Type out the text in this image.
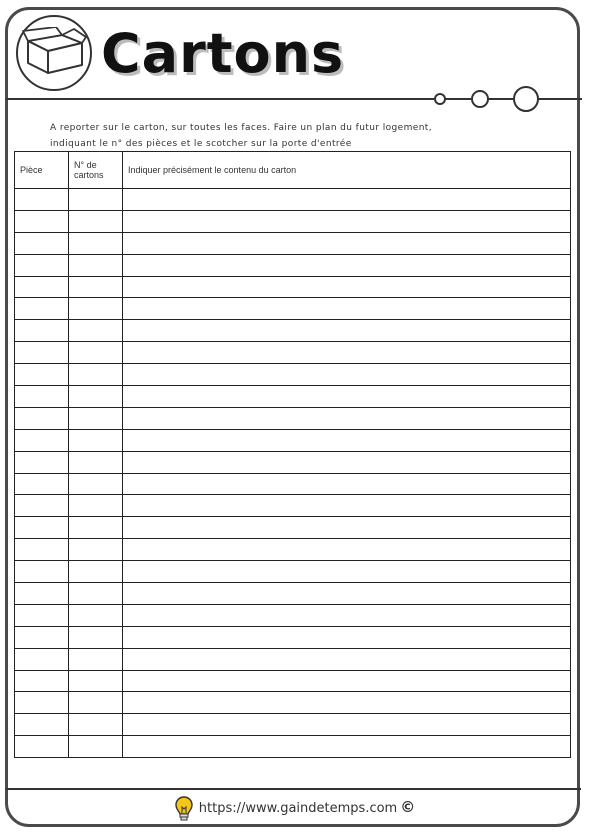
Cartons
A reporter sur le carton, sur toutes les faces. Faire un plan du futur logement,
indiquant le n° des pièces et le scotcher sur la porte d'entrée
Pièce	N° de cartons	Indiquer précisément le contenu du carton

https://www.gaindetemps.com ©
